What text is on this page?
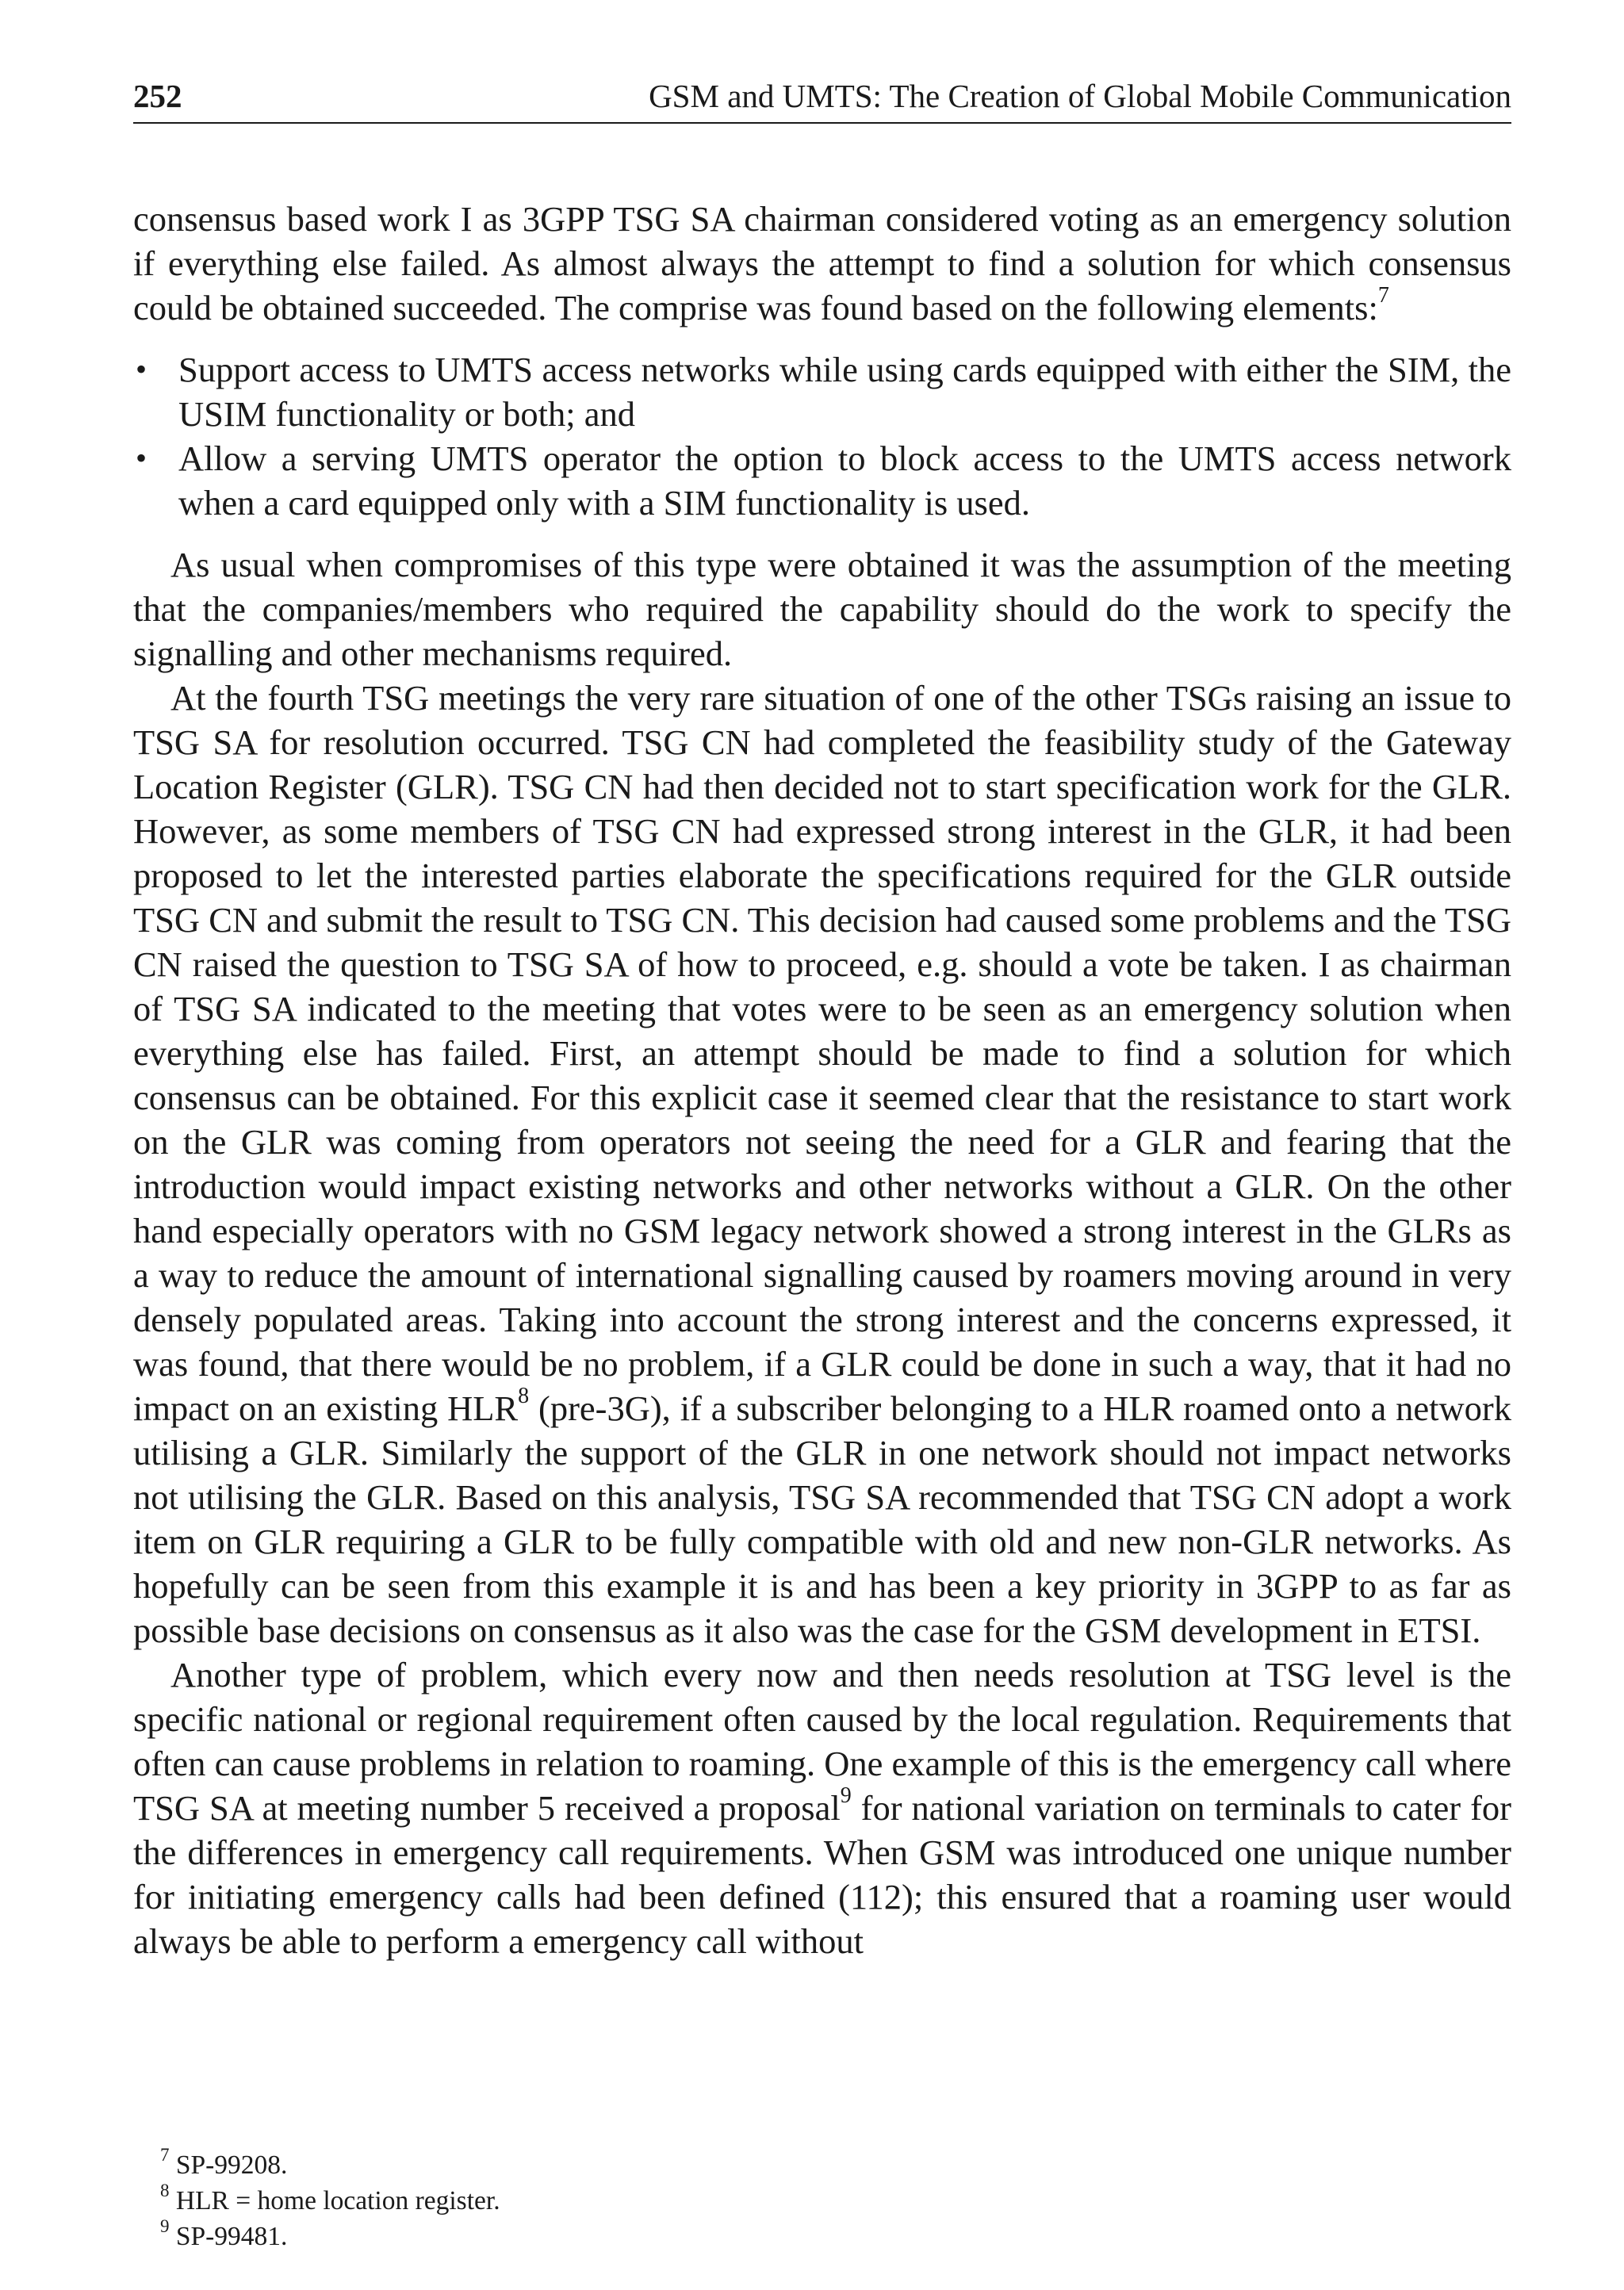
252	GSM and UMTS: The Creation of Global Mobile Communication

consensus based work I as 3GPP TSG SA chairman considered voting as an emergency solution if everything else failed. As almost always the attempt to find a solution for which consensus could be obtained succeeded. The comprise was found based on the following elements:$^7$

• Support access to UMTS access networks while using cards equipped with either the SIM, the USIM functionality or both; and
• Allow a serving UMTS operator the option to block access to the UMTS access network when a card equipped only with a SIM functionality is used.

As usual when compromises of this type were obtained it was the assumption of the meeting that the companies/members who required the capability should do the work to specify the signalling and other mechanisms required.

At the fourth TSG meetings the very rare situation of one of the other TSGs raising an issue to TSG SA for resolution occurred. TSG CN had completed the feasibility study of the Gateway Location Register (GLR). TSG CN had then decided not to start specification work for the GLR. However, as some members of TSG CN had expressed strong interest in the GLR, it had been proposed to let the interested parties elaborate the specifications required for the GLR outside TSG CN and submit the result to TSG CN. This decision had caused some problems and the TSG CN raised the question to TSG SA of how to proceed, e.g. should a vote be taken. I as chairman of TSG SA indicated to the meeting that votes were to be seen as an emergency solution when everything else has failed. First, an attempt should be made to find a solution for which consensus can be obtained. For this explicit case it seemed clear that the resistance to start work on the GLR was coming from operators not seeing the need for a GLR and fearing that the introduction would impact existing networks and other networks without a GLR. On the other hand especially operators with no GSM legacy network showed a strong interest in the GLRs as a way to reduce the amount of international signalling caused by roamers moving around in very densely populated areas. Taking into account the strong interest and the concerns expressed, it was found, that there would be no problem, if a GLR could be done in such a way, that it had no impact on an existing HLR$^8$ (pre-3G), if a subscriber belonging to a HLR roamed onto a network utilising a GLR. Similarly the support of the GLR in one network should not impact networks not utilising the GLR. Based on this analysis, TSG SA recommended that TSG CN adopt a work item on GLR requiring a GLR to be fully compatible with old and new non-GLR networks. As hopefully can be seen from this example it is and has been a key priority in 3GPP to as far as possible base decisions on consensus as it also was the case for the GSM development in ETSI.

Another type of problem, which every now and then needs resolution at TSG level is the specific national or regional requirement often caused by the local regulation. Requirements that often can cause problems in relation to roaming. One example of this is the emergency call where TSG SA at meeting number 5 received a proposal$^9$ for national variation on terminals to cater for the differences in emergency call requirements. When GSM was introduced one unique number for initiating emergency calls had been defined (112); this ensured that a roaming user would always be able to perform a emergency call without

$^7$ SP-99208.
$^8$ HLR = home location register.
$^9$ SP-99481.
